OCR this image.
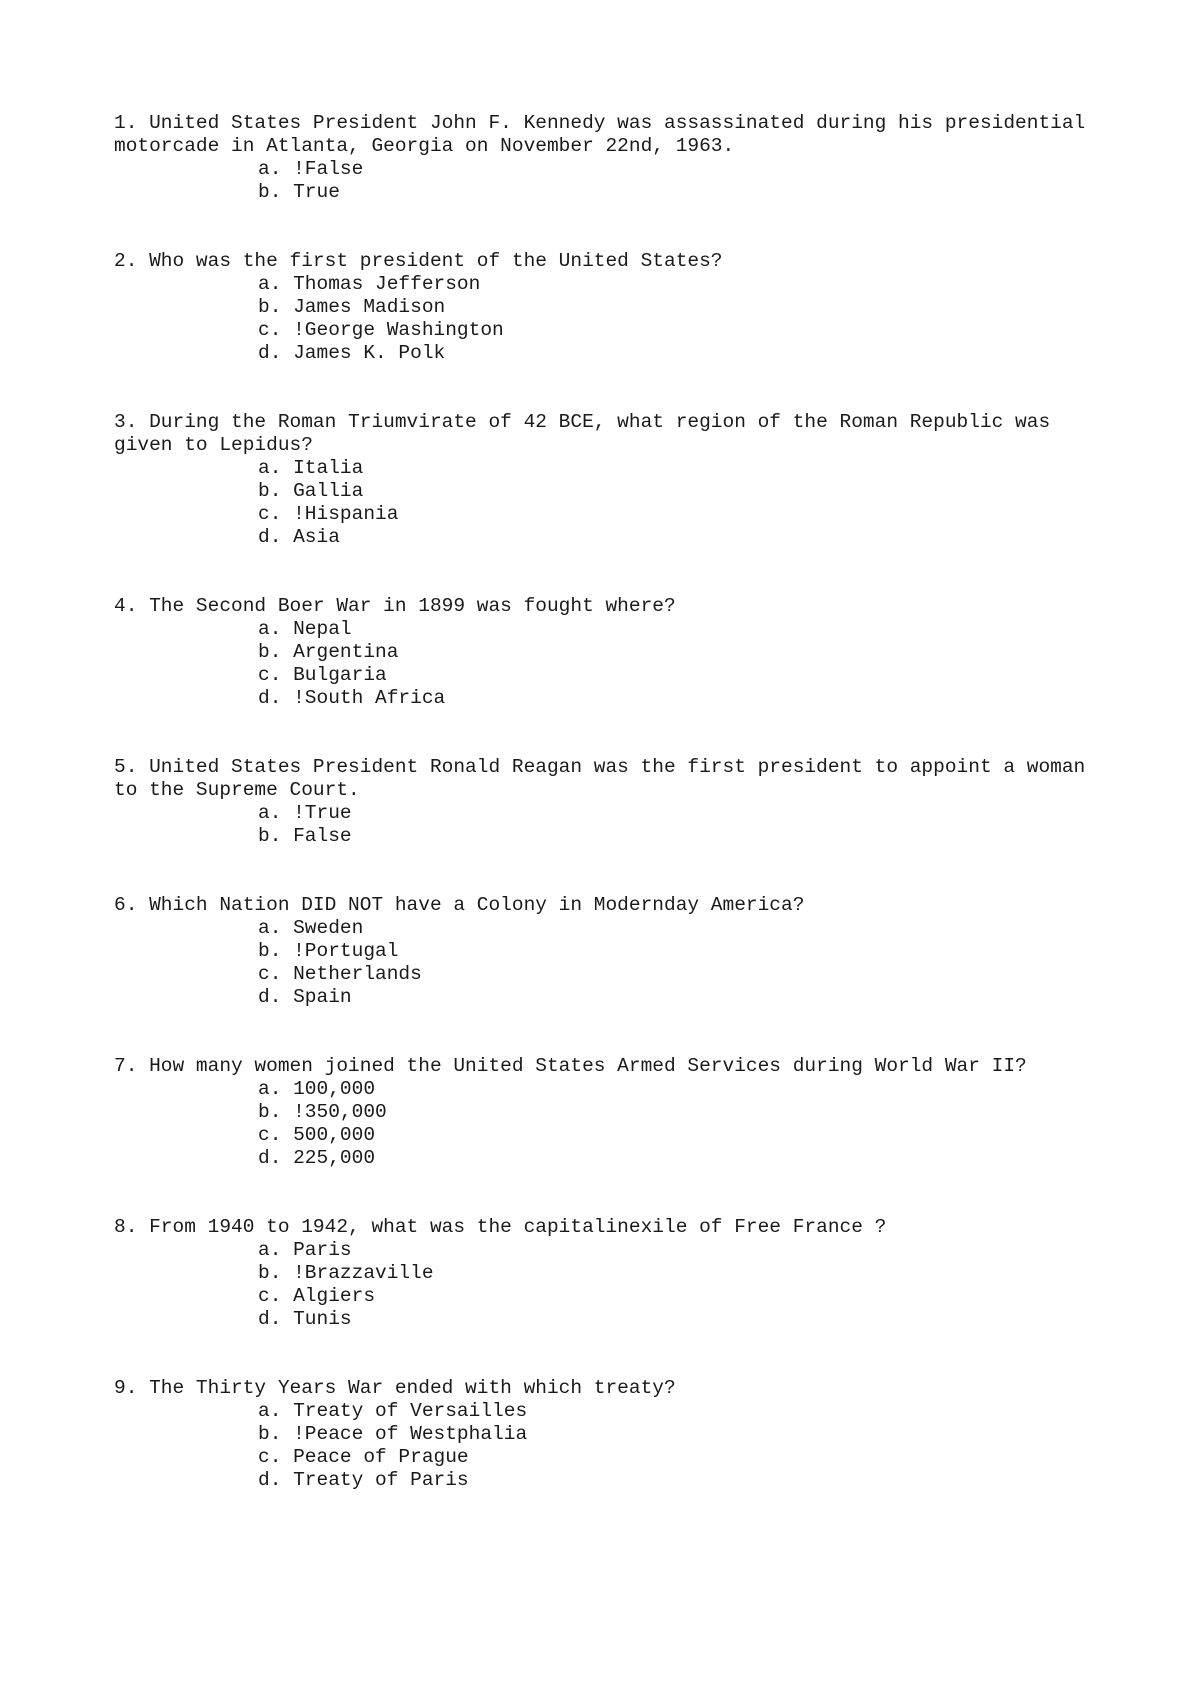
1. United States President John F. Kennedy was assassinated during his presidential motorcade in Atlanta, Georgia on November 22nd, 1963.

a. !False
b. True

2. Who was the first president of the United States?

a. Thomas Jefferson
b. James Madison
c. !George Washington
d. James K. Polk

3. During the Roman Triumvirate of 42 BCE, what region of the Roman Republic was given to Lepidus?

a. Italia
b. Gallia
c. !Hispania
d. Asia

4. The Second Boer War in 1899 was fought where?

a. Nepal
b. Argentina
c. Bulgaria
d. !South Africa

5. United States President Ronald Reagan was the first president to appoint a woman to the Supreme Court.

a. !True
b. False

6. Which Nation DID NOT have a Colony in Modernday America?

a. Sweden
b. !Portugal
c. Netherlands
d. Spain

7. How many women joined the United States Armed Services during World War II?

a. 100,000
b. !350,000
c. 500,000
d. 225,000

8. From 1940 to 1942, what was the capitalinexile of Free France ?

a. Paris
b. !Brazzaville
c. Algiers
d. Tunis

9. The Thirty Years War ended with which treaty?

a. Treaty of Versailles
b. !Peace of Westphalia
c. Peace of Prague
d. Treaty of Paris
